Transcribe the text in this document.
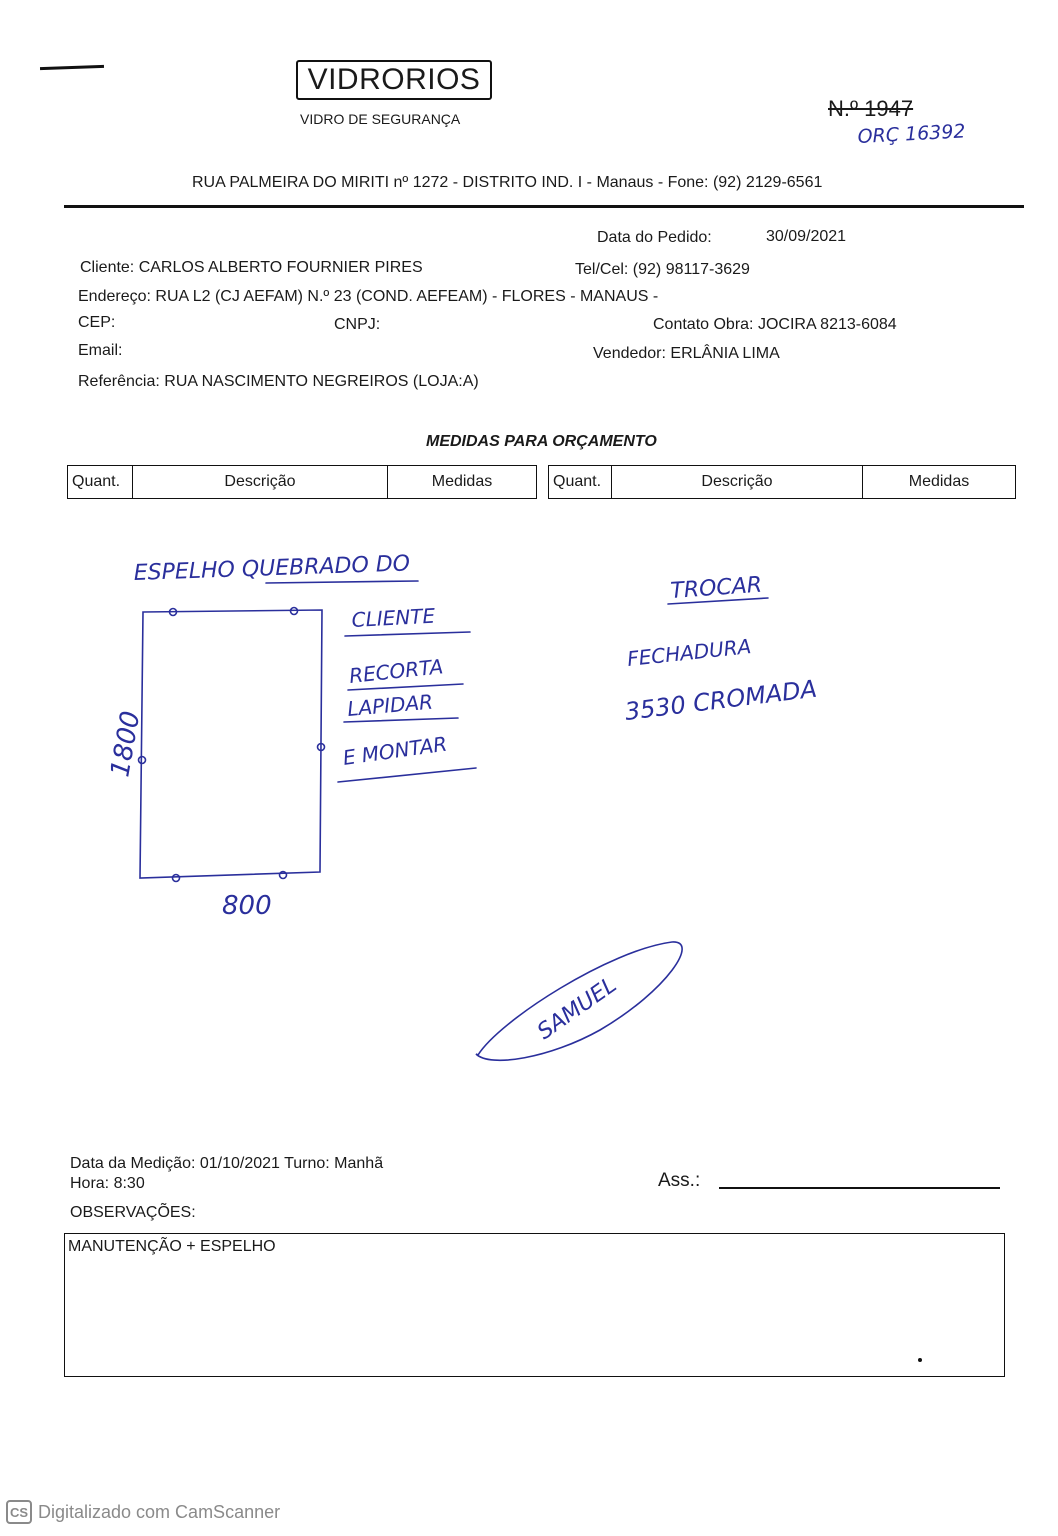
VIDRORIOS
VIDRO DE SEGURANÇA	N.º 1947
RUA PALMEIRA DO MIRITI nº 1272 - DISTRITO IND. I - Manaus - Fone: (92) 2129-6561
Data do Pedido:	30/09/2021
Cliente: CARLOS ALBERTO FOURNIER PIRES	Tel/Cel: (92) 98117-3629
Endereço: RUA L2 (CJ AEFAM) N.º 23 (COND. AEFEAM) - FLORES - MANAUS -
CEP:	CNPJ:	Contato Obra: JOCIRA 8213-6084
Email:	Vendedor: ERLÂNIA LIMA
Referência: RUA NASCIMENTO NEGREIROS (LOJA:A)
MEDIDAS PARA ORÇAMENTO
Quant.	Descrição	Medidas	Quant.	Descrição	Medidas
ESPELHO QUEBRADO DO
CLIENTE
RECORTA
LAPIDAR
E MONTAR
1800
800
TROCAR
FECHADURA
3530 CROMADA
SAMUEL
ORÇ 16392
Data da Medição: 01/10/2021 Turno: Manhã
Hora: 8:30	Ass.:
OBSERVAÇÕES:
MANUTENÇÃO + ESPELHO
CS Digitalizado com CamScanner
